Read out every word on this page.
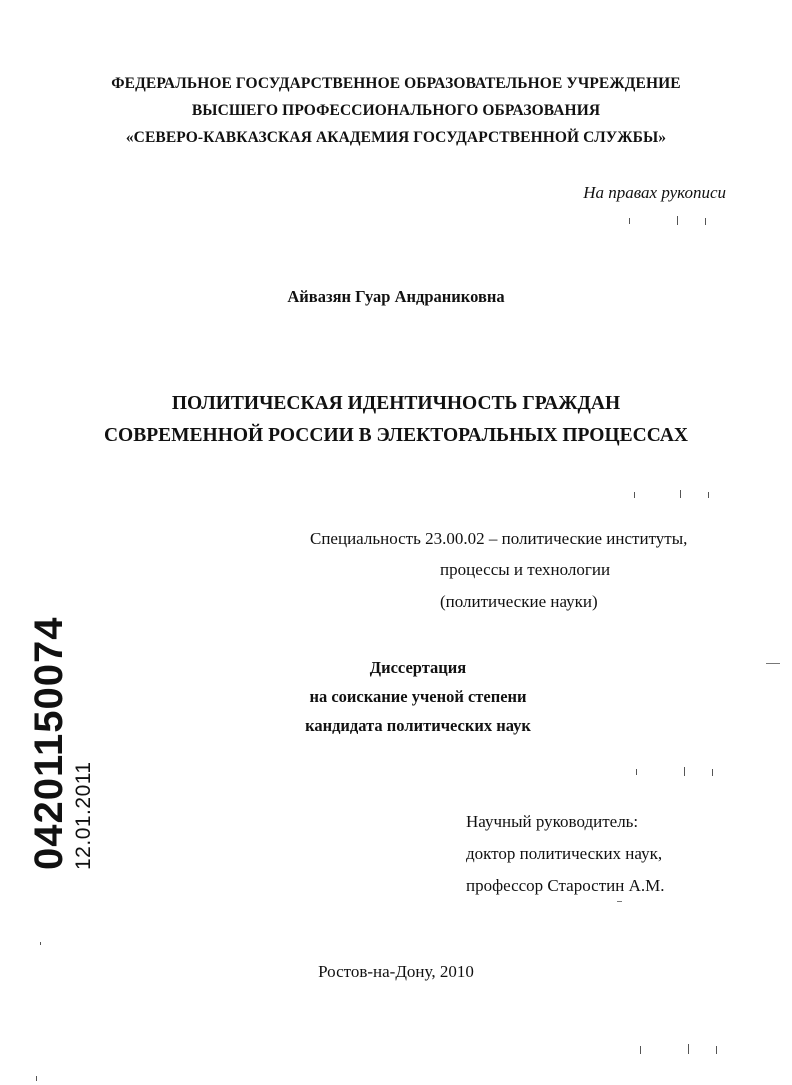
ФЕДЕРАЛЬНОЕ ГОСУДАРСТВЕННОЕ ОБРАЗОВАТЕЛЬНОЕ УЧРЕЖДЕНИЕ
ВЫСШЕГО ПРОФЕССИОНАЛЬНОГО ОБРАЗОВАНИЯ
«СЕВЕРО-КАВКАЗСКАЯ АКАДЕМИЯ ГОСУДАРСТВЕННОЙ СЛУЖБЫ»
На правах рукописи
Айвазян Гуар Андраниковна
ПОЛИТИЧЕСКАЯ ИДЕНТИЧНОСТЬ ГРАЖДАН
СОВРЕМЕННОЙ РОССИИ В ЭЛЕКТОРАЛЬНЫХ ПРОЦЕССАХ
Специальность 23.00.02 – политические институты,
процессы и технологии
(политические науки)
Диссертация
на соискание ученой степени
кандидата политических наук
Научный руководитель:
доктор политических наук,
профессор Старостин А.М.
Ростов-на-Дону, 2010
04201150074 12.01.2011
